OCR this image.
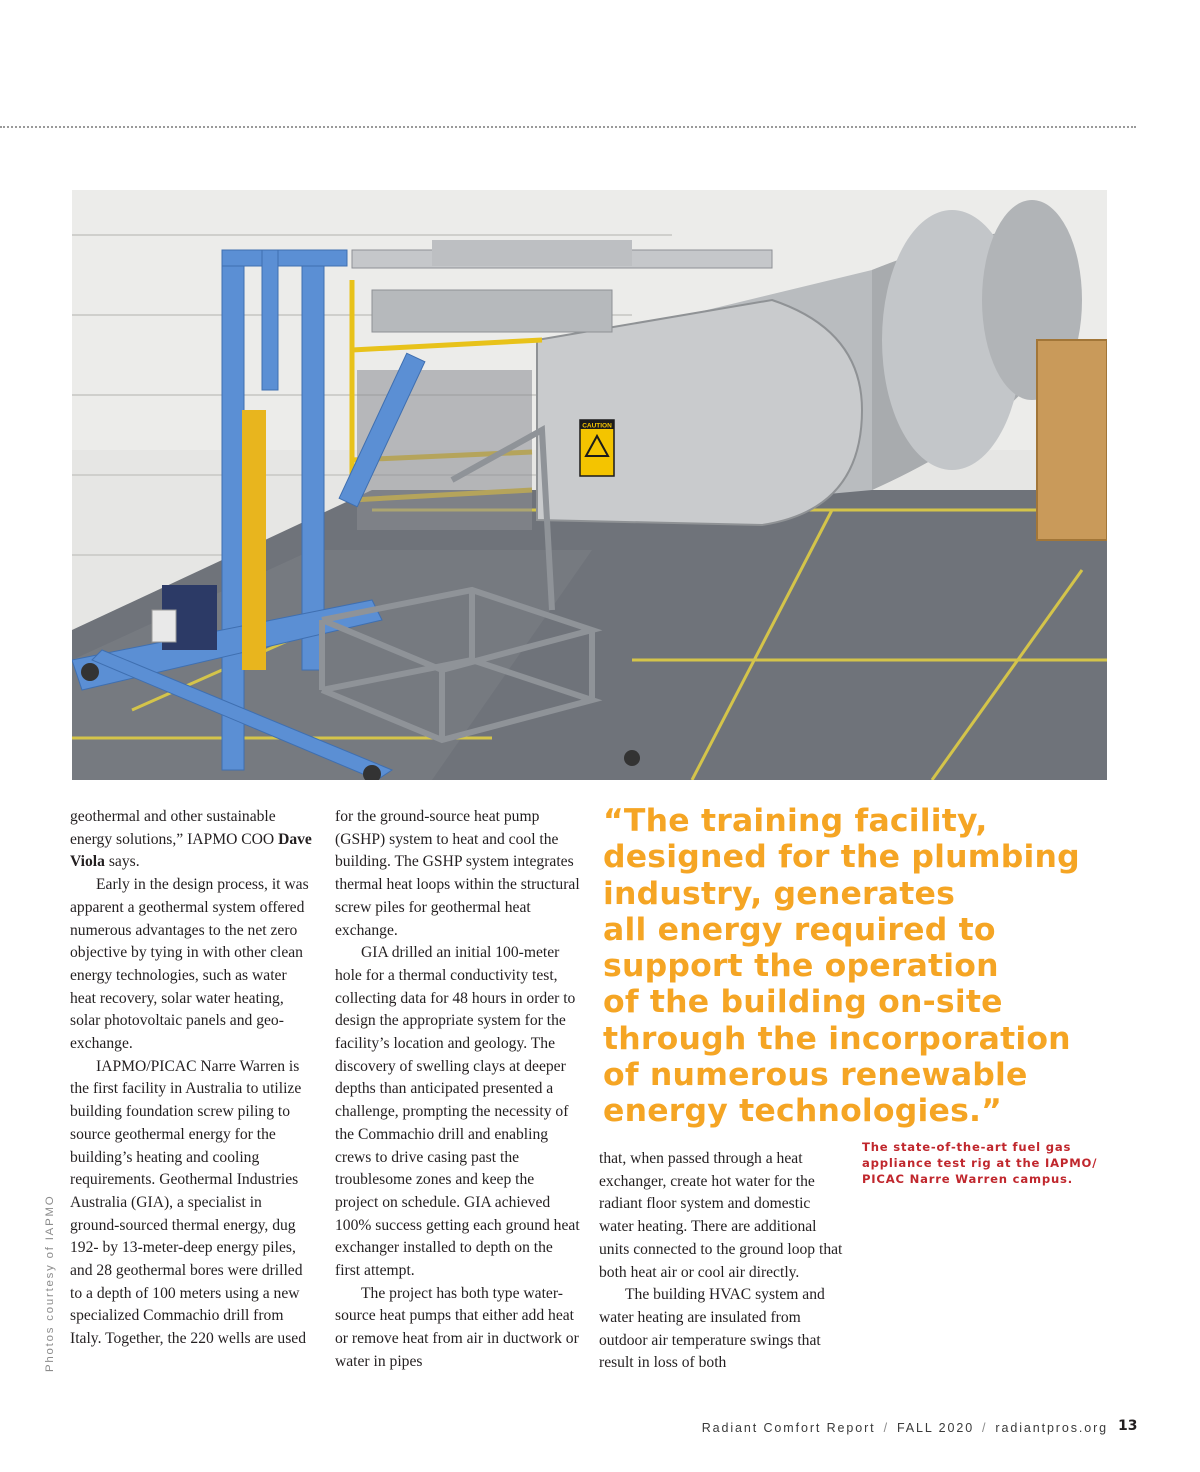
CAUTION

geothermal and other sustainable energy solutions,” IAPMO COO Dave Viola says.

Early in the design process, it was apparent a geothermal system offered numerous advantages to the net zero objective by tying in with other clean energy technologies, such as water heat recovery, solar water heating, solar photovoltaic panels and geo-exchange.

IAPMO/PICAC Narre Warren is the first facility in Australia to utilize building foundation screw piling to source geothermal energy for the building’s heating and cooling requirements. Geothermal Industries Australia (GIA), a specialist in ground-sourced thermal energy, dug 192- by 13-meter-deep energy piles, and 28 geothermal bores were drilled to a depth of 100 meters using a new specialized Commachio drill from Italy. Together, the 220 wells are used

for the ground-source heat pump (GSHP) system to heat and cool the building. The GSHP system integrates thermal heat loops within the structural screw piles for geothermal heat exchange.

GIA drilled an initial 100-meter hole for a thermal conductivity test, collecting data for 48 hours in order to design the appropriate system for the facility’s location and geology. The discovery of swelling clays at deeper depths than anticipated presented a challenge, prompting the necessity of the Commachio drill and enabling crews to drive casing past the troublesome zones and keep the project on schedule. GIA achieved 100% success getting each ground heat exchanger installed to depth on the first attempt.

The project has both type water-source heat pumps that either add heat or remove heat from air in ductwork or water in pipes

that, when passed through a heat exchanger, create hot water for the radiant floor system and domestic water heating. There are additional units connected to the ground loop that both heat air or cool air directly.

The building HVAC system and water heating are insulated from outdoor air temperature swings that result in loss of both

“The training facility,
designed for the plumbing
industry, generates
all energy required to
support the operation
of the building on-site
through the incorporation
of numerous renewable
energy technologies.”
The state-of-the-art fuel gas
appliance test rig at the IAPMO/
PICAC Narre Warren campus.
Photos courtesy of IAPMO
Radiant Comfort Report / FALL 2020 / radiantpros.org 13
